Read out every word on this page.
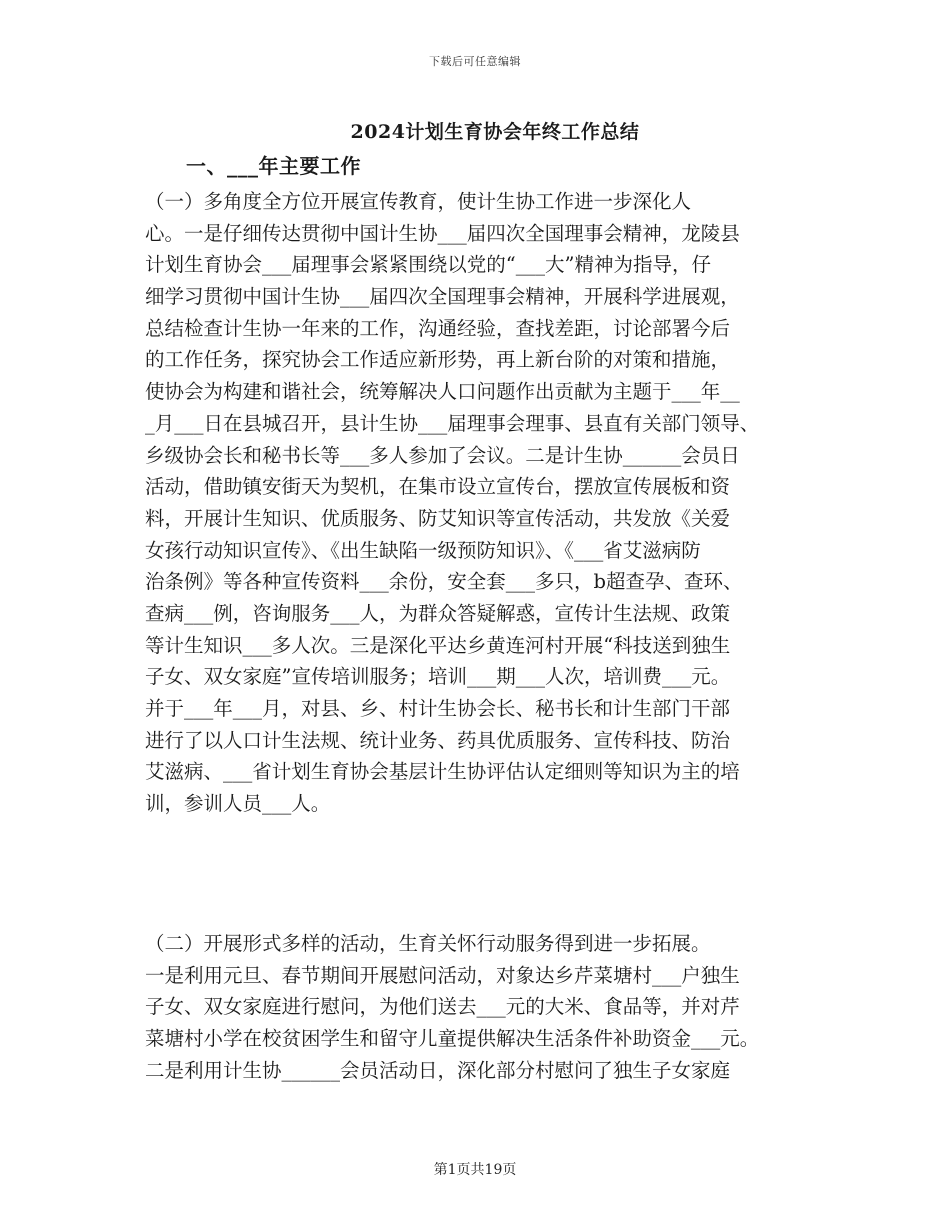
下载后可任意编辑
2024计划生育协会年终工作总结
一、___年主要工作
（一）多角度全方位开展宣传教育，使计生协工作进一步深化人
心。一是仔细传达贯彻中国计生协___届四次全国理事会精神，龙陵县
计划生育协会___届理事会紧紧围绕以党的“___大”精神为指导，仔
细学习贯彻中国计生协___届四次全国理事会精神，开展科学进展观，
总结检查计生协一年来的工作，沟通经验，查找差距，讨论部署今后
的工作任务，探究协会工作适应新形势，再上新台阶的对策和措施，
使协会为构建和谐社会，统筹解决人口问题作出贡献为主题于___年__
_月___日在县城召开，县计生协___届理事会理事、县直有关部门领导、
乡级协会长和秘书长等___多人参加了会议。二是计生协______会员日
活动，借助镇安街天为契机，在集市设立宣传台，摆放宣传展板和资
料，开展计生知识、优质服务、防艾知识等宣传活动，共发放《关爱
女孩行动知识宣传》、《出生缺陷一级预防知识》、《___省艾滋病防
治条例》等各种宣传资料___余份，安全套___多只，b超查孕、查环、
查病___例，咨询服务___人，为群众答疑解惑，宣传计生法规、政策
等计生知识___多人次。三是深化平达乡黄连河村开展“科技送到独生
子女、双女家庭”宣传培训服务；培训___期___人次，培训费___元。
并于___年___月，对县、乡、村计生协会长、秘书长和计生部门干部
进行了以人口计生法规、统计业务、药具优质服务、宣传科技、防治
艾滋病、___省计划生育协会基层计生协评估认定细则等知识为主的培
训，参训人员___人。
（二）开展形式多样的活动，生育关怀行动服务得到进一步拓展。
一是利用元旦、春节期间开展慰问活动，对象达乡芹菜塘村___户独生
子女、双女家庭进行慰问，为他们送去___元的大米、食品等，并对芹
菜塘村小学在校贫困学生和留守儿童提供解决生活条件补助资金___元。
二是利用计生协______会员活动日，深化部分村慰问了独生子女家庭
第1页共19页
